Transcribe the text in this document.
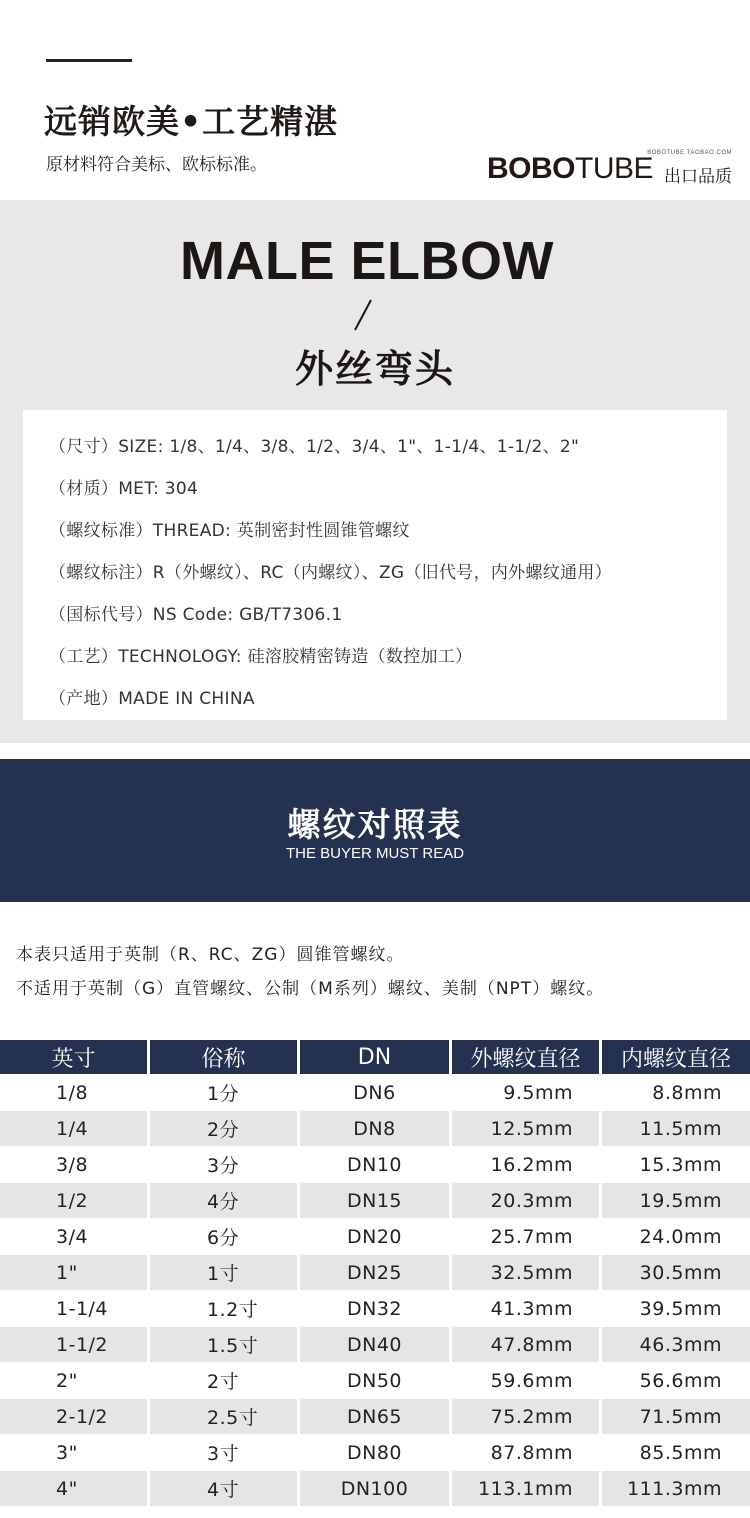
远销欧美•工艺精湛
原材料符合美标、欧标标准。
BOBOTUBE.TAOBAO.COM
BOBOTUBE 出口品质
MALE ELBOW
外丝弯头
（尺寸）SIZE: 1/8、1/4、3/8、1/2、3/4、1"、1-1/4、1-1/2、2"
（材质）MET: 304
（螺纹标准）THREAD: 英制密封性圆锥管螺纹
（螺纹标注）R（外螺纹）、RC（内螺纹）、ZG（旧代号，内外螺纹通用）
（国标代号）NS Code: GB/T7306.1
（工艺）TECHNOLOGY: 硅溶胶精密铸造（数控加工）
（产地）MADE IN CHINA
螺纹对照表
THE BUYER MUST READ
本表只适用于英制（R、RC、ZG）圆锥管螺纹。
不适用于英制（G）直管螺纹、公制（M系列）螺纹、美制（NPT）螺纹。
英寸	俗称	DN	外螺纹直径	内螺纹直径
1/8	1分	DN6	9.5mm	8.8mm
1/4	2分	DN8	12.5mm	11.5mm
3/8	3分	DN10	16.2mm	15.3mm
1/2	4分	DN15	20.3mm	19.5mm
3/4	6分	DN20	25.7mm	24.0mm
1"	1寸	DN25	32.5mm	30.5mm
1-1/4	1.2寸	DN32	41.3mm	39.5mm
1-1/2	1.5寸	DN40	47.8mm	46.3mm
2"	2寸	DN50	59.6mm	56.6mm
2-1/2	2.5寸	DN65	75.2mm	71.5mm
3"	3寸	DN80	87.8mm	85.5mm
4"	4寸	DN100	113.1mm	111.3mm
